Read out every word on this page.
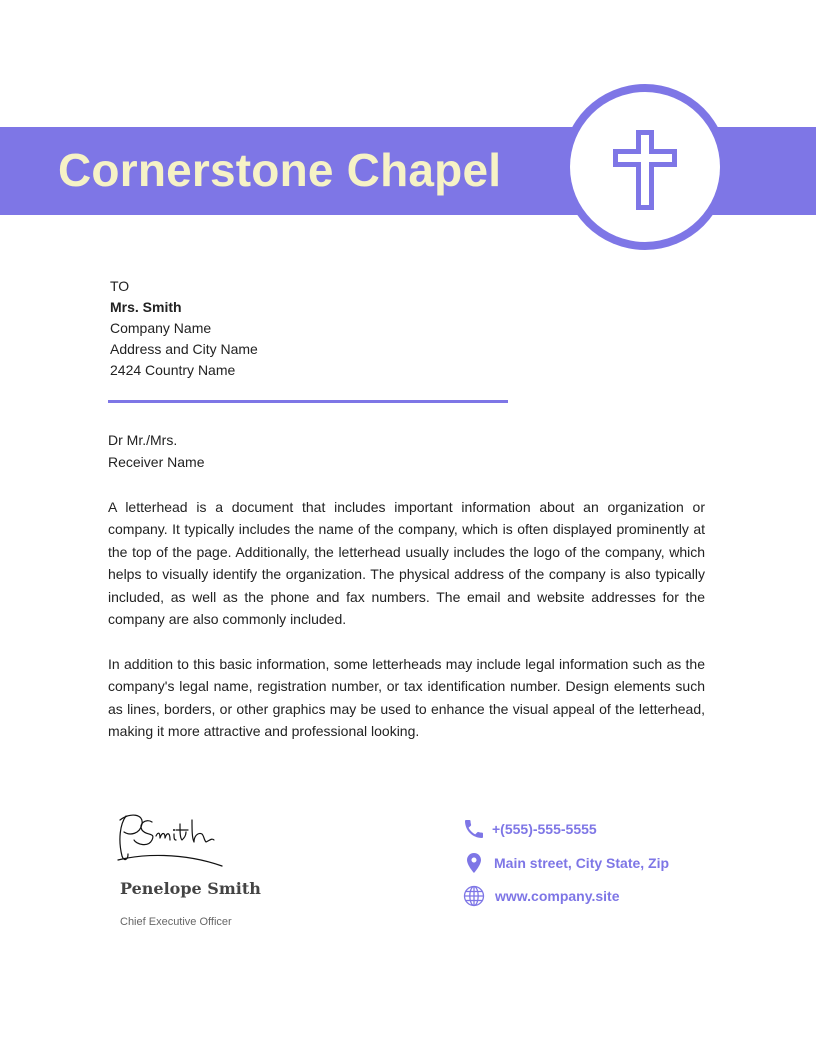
Cornerstone Chapel
TO
Mrs. Smith
Company Name
Address and City Name
2424 Country Name
Dr Mr./Mrs.
Receiver Name

A letterhead is a document that includes important information about an organization or company. It typically includes the name of the company, which is often displayed prominently at the top of the page. Additionally, the letterhead usually includes the logo of the company, which helps to visually identify the organization. The physical address of the company is also typically included, as well as the phone and fax numbers. The email and website addresses for the company are also commonly included.

In addition to this basic information, some letterheads may include legal information such as the company's legal name, registration number, or tax identification number. Design elements such as lines, borders, or other graphics may be used to enhance the visual appeal of the letterhead, making it more attractive and professional looking.

Penelope Smith
Chief Executive Officer
+(555)-555-5555
Main street, City State, Zip
www.company.site
